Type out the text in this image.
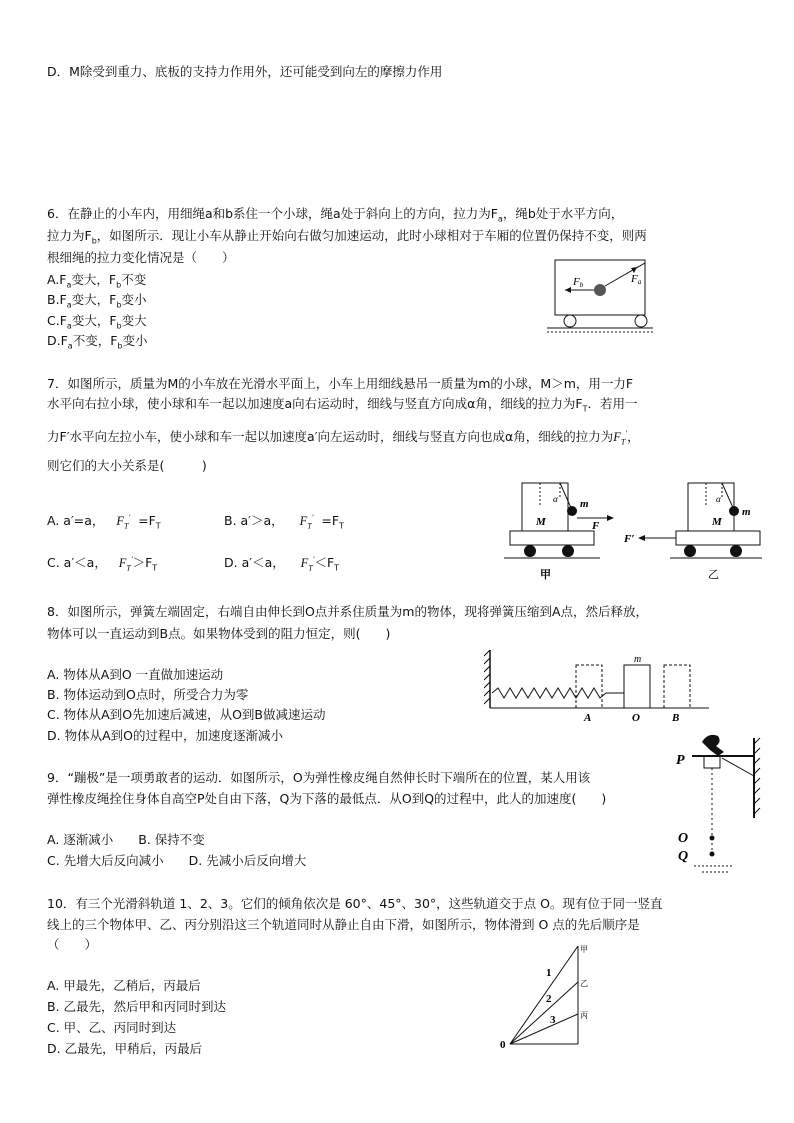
D．M除受到重力、底板的支持力作用外，还可能受到向左的摩擦力作用
6．在静止的小车内，用细绳a和b系住一个小球，绳a处于斜向上的方向，拉力为$F_a$，绳b处于水平方向，
拉力为$F_b$，如图所示．现让小车从静止开始向右做匀加速运动，此时小球相对于车厢的位置仍保持不变，则两
根细绳的拉力变化情况是（　　）
$A.F_a$变大，$F_b$不变
$B.F_a$变大，$F_b$变小
$C.F_a$变大，$F_b$变大
$D.F_a$不变，$F_b$变小
Fb	Fa
7．如图所示，质量为M的小车放在光滑水平面上，小车上用细线悬吊一质量为m的小球，M＞m，用一力F
水平向右拉小球，使小球和车一起以加速度a向右运动时，细线与竖直方向成α角，细线的拉力为$F_T$．若用一
力F′水平向左拉小车，使小球和车一起以加速度a′向左运动时，细线与竖直方向也成α角，细线的拉力为$F_T'$，
则它们的大小关系是(　　　)
A. a′=a， $F_T' =F_T$	B. a′＞a， $F_T' =F_T$
C. a′＜a， $F_T'>F_T$	D. a′＜a， $F_T'<F_T$
α m
M	F
甲
α
m
M
F′
乙
8．如图所示，弹簧左端固定，右端自由伸长到O点并系住质量为m的物体，现将弹簧压缩到A点，然后释放，
物体可以一直运动到B点。如果物体受到的阻力恒定，则(　　)
A. 物体从A到O 一直做加速运动
B. 物体运动到O点时，所受合力为零
C. 物体从A到O先加速后减速，从O到B做减速运动
D. 物体从A到O的过程中，加速度逐渐减小
m
A	O	B
9．“蹦极”是一项勇敢者的运动．如图所示，O为弹性橡皮绳自然伸长时下端所在的位置，某人用该
弹性橡皮绳拴住身体自高空P处自由下落，Q为下落的最低点．从O到Q的过程中，此人的加速度(　　)
A. 逐渐减小　　B. 保持不变
C. 先增大后反向减小　　D. 先减小后反向增大
P
O
Q
10．有三个光滑斜轨道 1、2、3。它们的倾角依次是 60°、45°、30°，这些轨道交于点 O。现有位于同一竖直
线上的三个物体甲、乙、丙分别沿这三个轨道同时从静止自由下滑，如图所示，物体滑到 O 点的先后顺序是
（　　）
A. 甲最先，乙稍后，丙最后
B. 乙最先，然后甲和丙同时到达
C. 甲、乙、丙同时到达
D. 乙最先，甲稍后，丙最后	0
1
2
3
甲
乙
丙
